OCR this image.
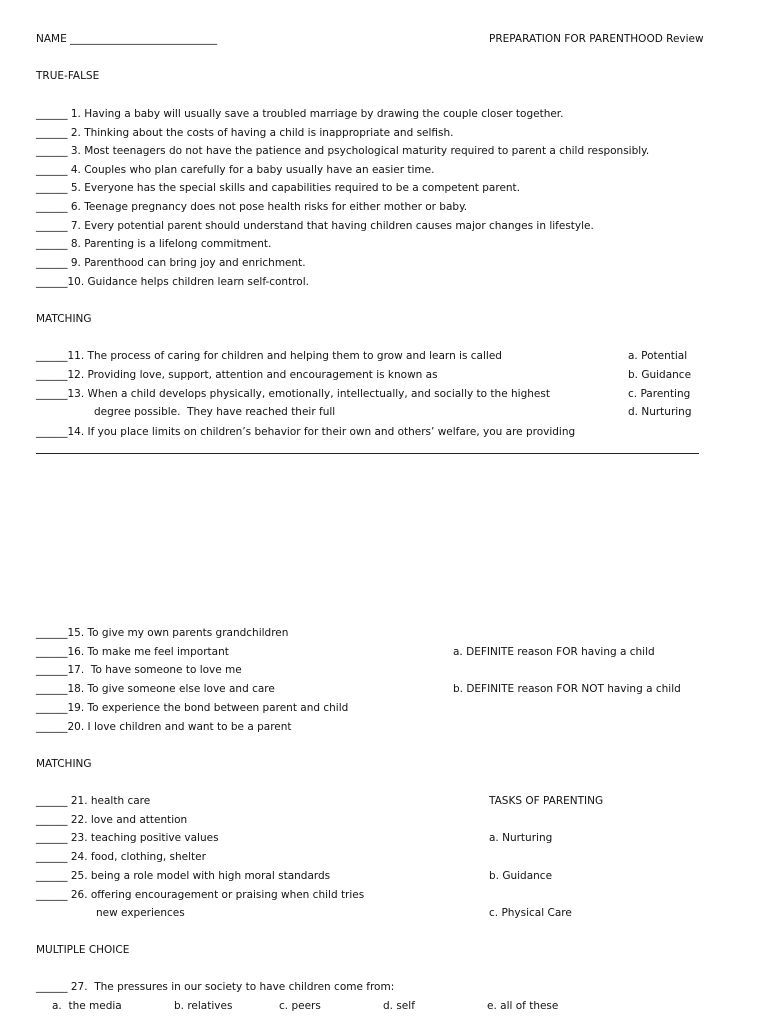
NAME ____________________________	PREPARATION FOR PARENTHOOD Review
TRUE-FALSE
______ 1. Having a baby will usually save a troubled marriage by drawing the couple closer together.
______ 2. Thinking about the costs of having a child is inappropriate and selfish.
______ 3. Most teenagers do not have the patience and psychological maturity required to parent a child responsibly.
______ 4. Couples who plan carefully for a baby usually have an easier time.
______ 5. Everyone has the special skills and capabilities required to be a competent parent.
______ 6. Teenage pregnancy does not pose health risks for either mother or baby.
______ 7. Every potential parent should understand that having children causes major changes in lifestyle.
______ 8. Parenting is a lifelong commitment.
______ 9. Parenthood can bring joy and enrichment.
______10. Guidance helps children learn self-control.
MATCHING
______11. The process of caring for children and helping them to grow and learn is called
______12. Providing love, support, attention and encouragement is known as
______13. When a child develops physically, emotionally, intellectually, and socially to the highest
degree possible.  They have reached their full
______14. If you place limits on children’s behavior for their own and others’ welfare, you are providing
a. Potential
b. Guidance
c. Parenting
d. Nurturing
______15. To give my own parents grandchildren
______16. To make me feel important
______17.  To have someone to love me
______18. To give someone else love and care
______19. To experience the bond between parent and child
______20. I love children and want to be a parent
a. DEFINITE reason FOR having a child
b. DEFINITE reason FOR NOT having a child
MATCHING
______ 21. health care
______ 22. love and attention
______ 23. teaching positive values
______ 24. food, clothing, shelter
______ 25. being a role model with high moral standards
______ 26. offering encouragement or praising when child tries
new experiences
TASKS OF PARENTING
a. Nurturing
b. Guidance
c. Physical Care
MULTIPLE CHOICE
______ 27.  The pressures in our society to have children come from:
a.  the media	b. relatives	c. peers	d. self	e. all of these
